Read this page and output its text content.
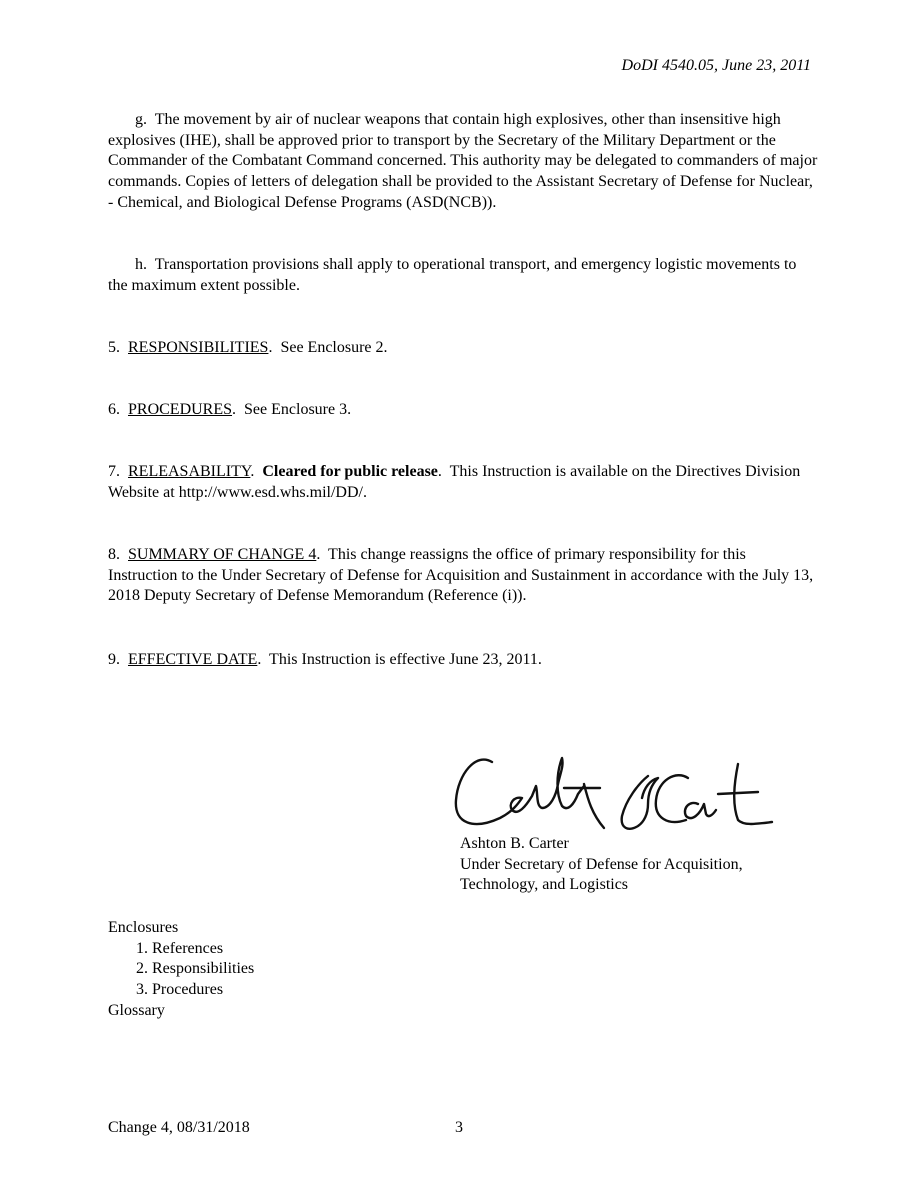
DoDI 4540.05, June 23, 2011

g. The movement by air of nuclear weapons that contain high explosives, other than insensitive high explosives (IHE), shall be approved prior to transport by the Secretary of the Military Department or the Commander of the Combatant Command concerned. This authority may be delegated to commanders of major commands. Copies of letters of delegation shall be provided to the Assistant Secretary of Defense for Nuclear, - Chemical, and Biological Defense Programs (ASD(NCB)).

h. Transportation provisions shall apply to operational transport, and emergency logistic movements to the maximum extent possible.

5. RESPONSIBILITIES.  See Enclosure 2.

6. PROCEDURES.  See Enclosure 3.

7. RELEASABILITY.  Cleared for public release.  This Instruction is available on the Directives Division Website at http://www.esd.whs.mil/DD/.

8. SUMMARY OF CHANGE 4.  This change reassigns the office of primary responsibility for this Instruction to the Under Secretary of Defense for Acquisition and Sustainment in accordance with the July 13, 2018 Deputy Secretary of Defense Memorandum (Reference (i)).

9. EFFECTIVE DATE.  This Instruction is effective June 23, 2011.

Ashton B. Carter
Under Secretary of Defense for Acquisition,
Technology, and Logistics
Enclosures
1. References
2. Responsibilities
3. Procedures
Glossary
Change 4, 08/31/2018	3
